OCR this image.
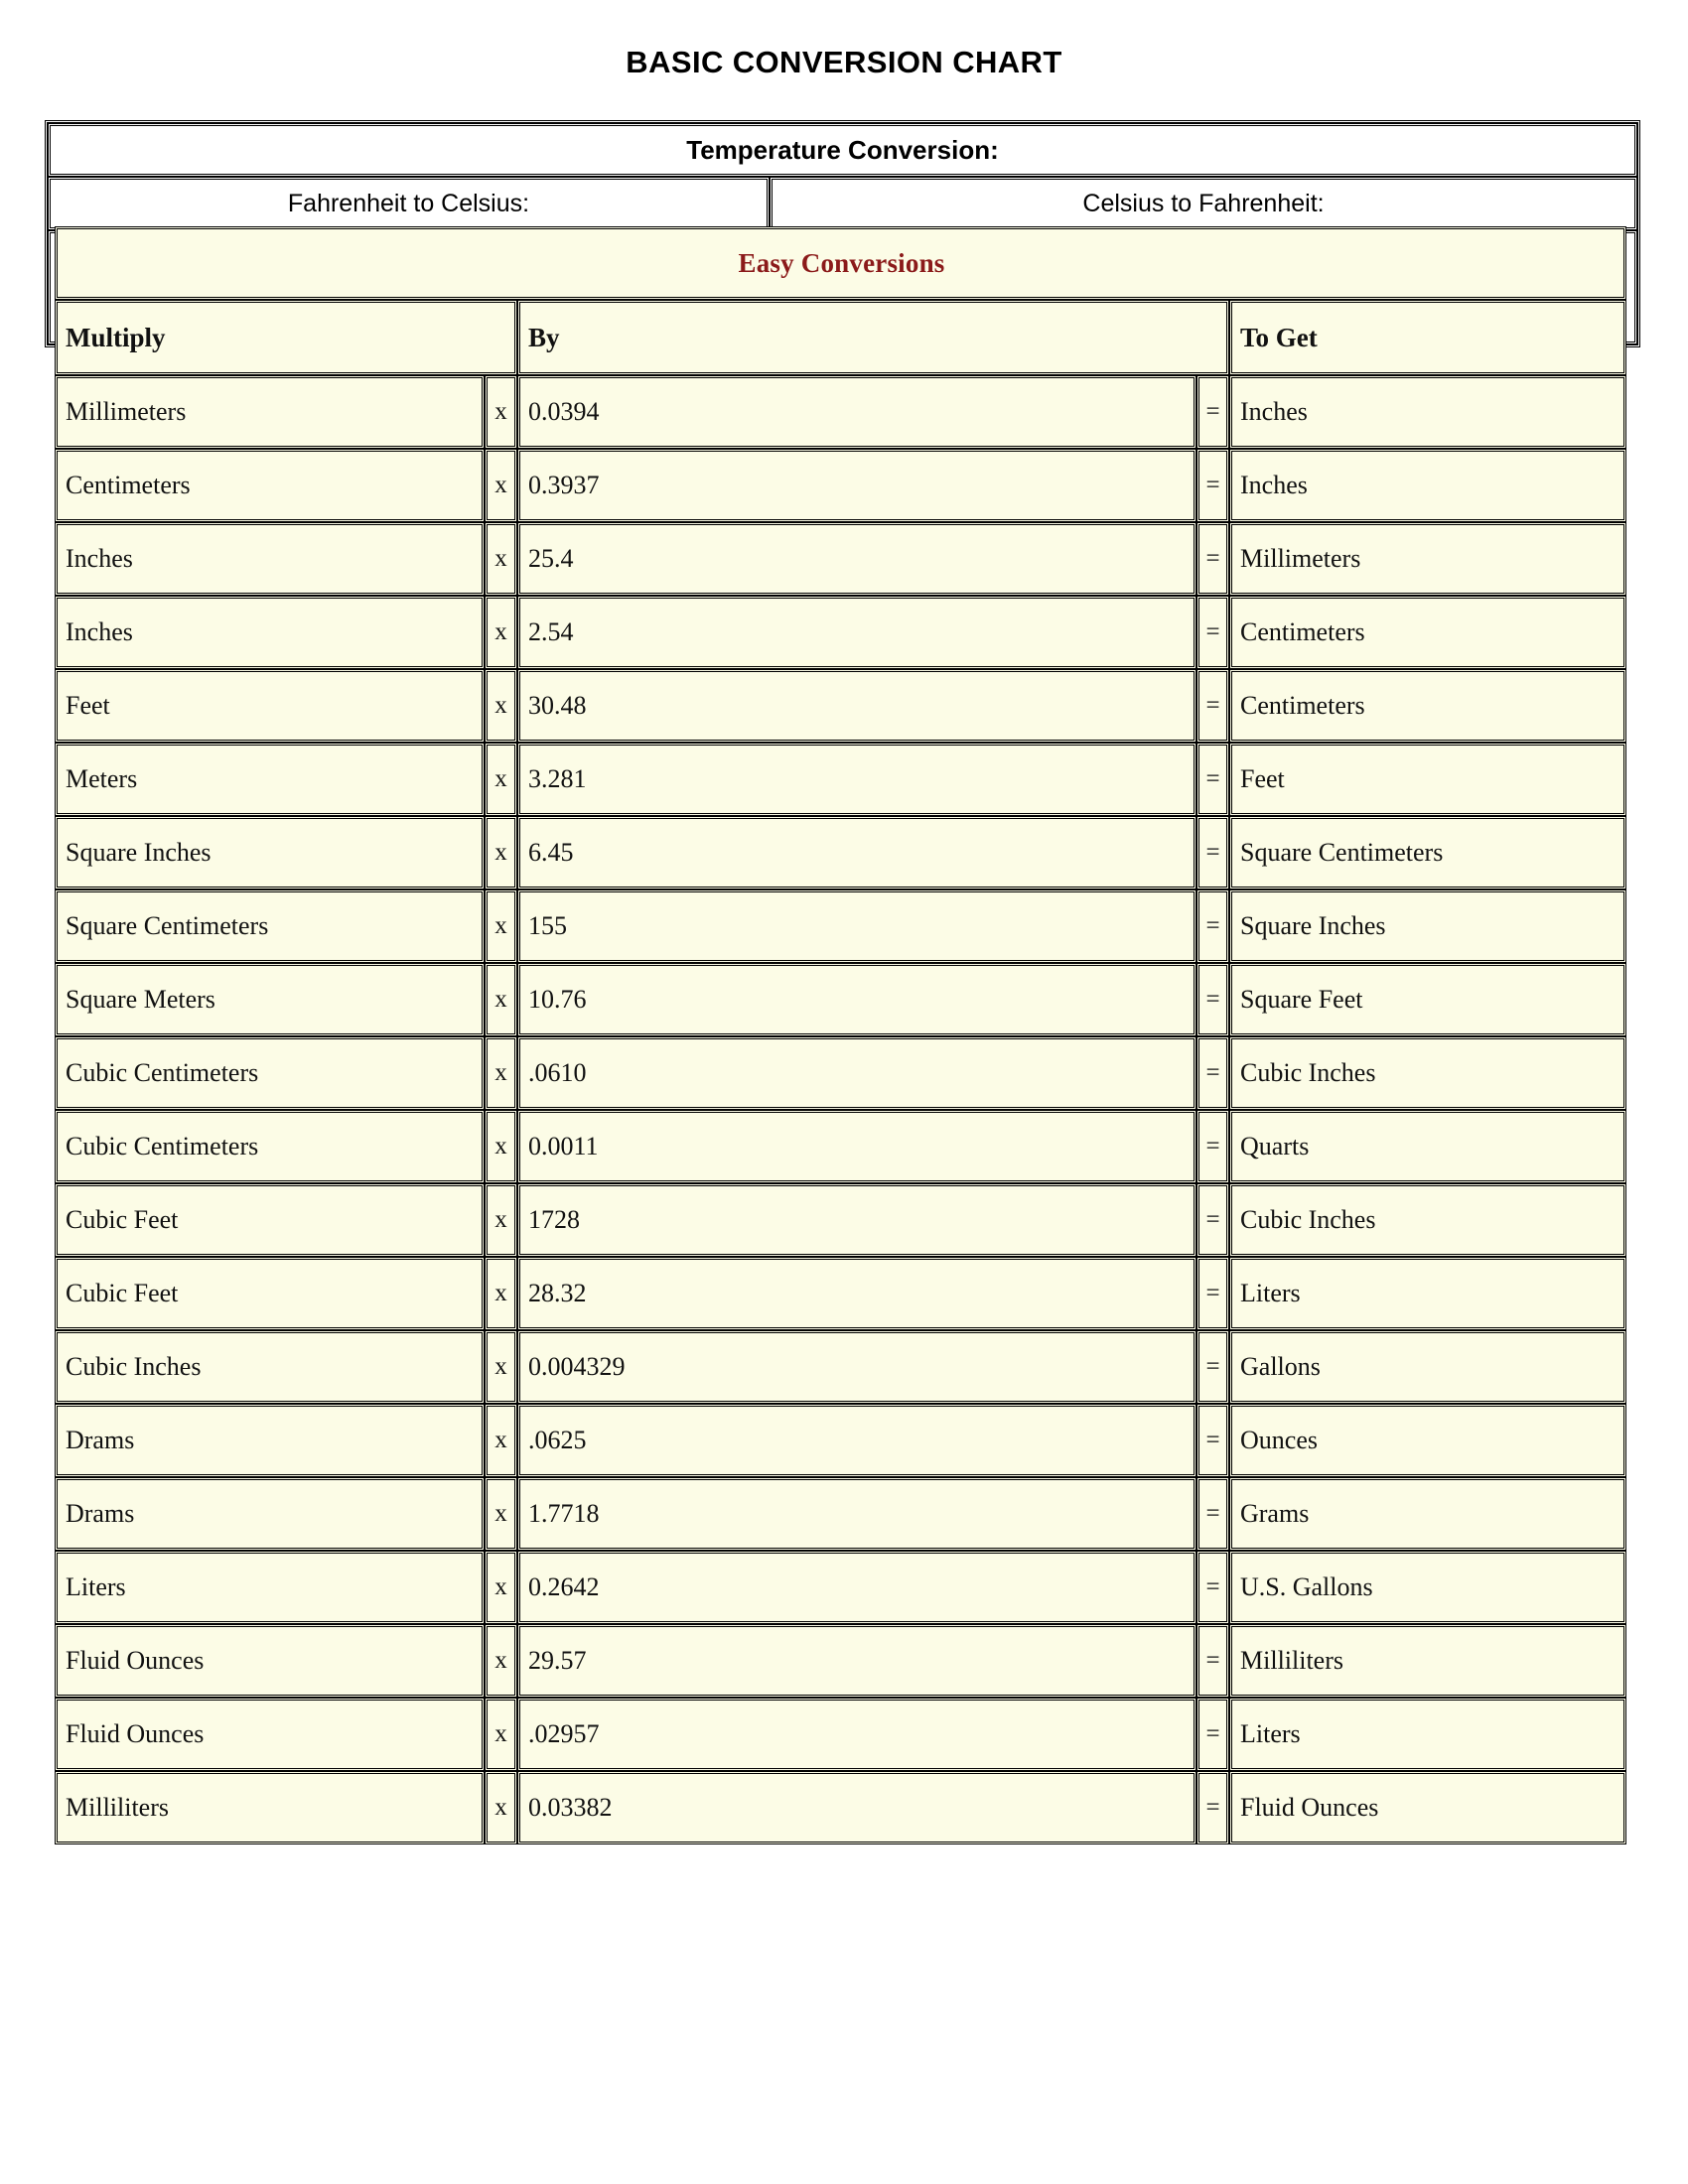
BASIC CONVERSION CHART
Temperature Conversion:	
Fahrenheit to Celsius:	Celsius to Fahrenheit:

Easy Conversions				
Multiply		By		To Get
Millimeters	x	0.0394	=	Inches
Centimeters	x	0.3937	=	Inches
Inches	x	25.4	=	Millimeters
Inches	x	2.54	=	Centimeters
Feet	x	30.48	=	Centimeters
Meters	x	3.281	=	Feet
Square Inches	x	6.45	=	Square Centimeters
Square Centimeters	x	155	=	Square Inches
Square Meters	x	10.76	=	Square Feet
Cubic Centimeters	x	.0610	=	Cubic Inches
Cubic Centimeters	x	0.0011	=	Quarts
Cubic Feet	x	1728	=	Cubic Inches
Cubic Feet	x	28.32	=	Liters
Cubic Inches	x	0.004329	=	Gallons
Drams	x	.0625	=	Ounces
Drams	x	1.7718	=	Grams
Liters	x	0.2642	=	U.S. Gallons
Fluid Ounces	x	29.57	=	Milliliters
Fluid Ounces	x	.02957	=	Liters
Milliliters	x	0.03382	=	Fluid Ounces
